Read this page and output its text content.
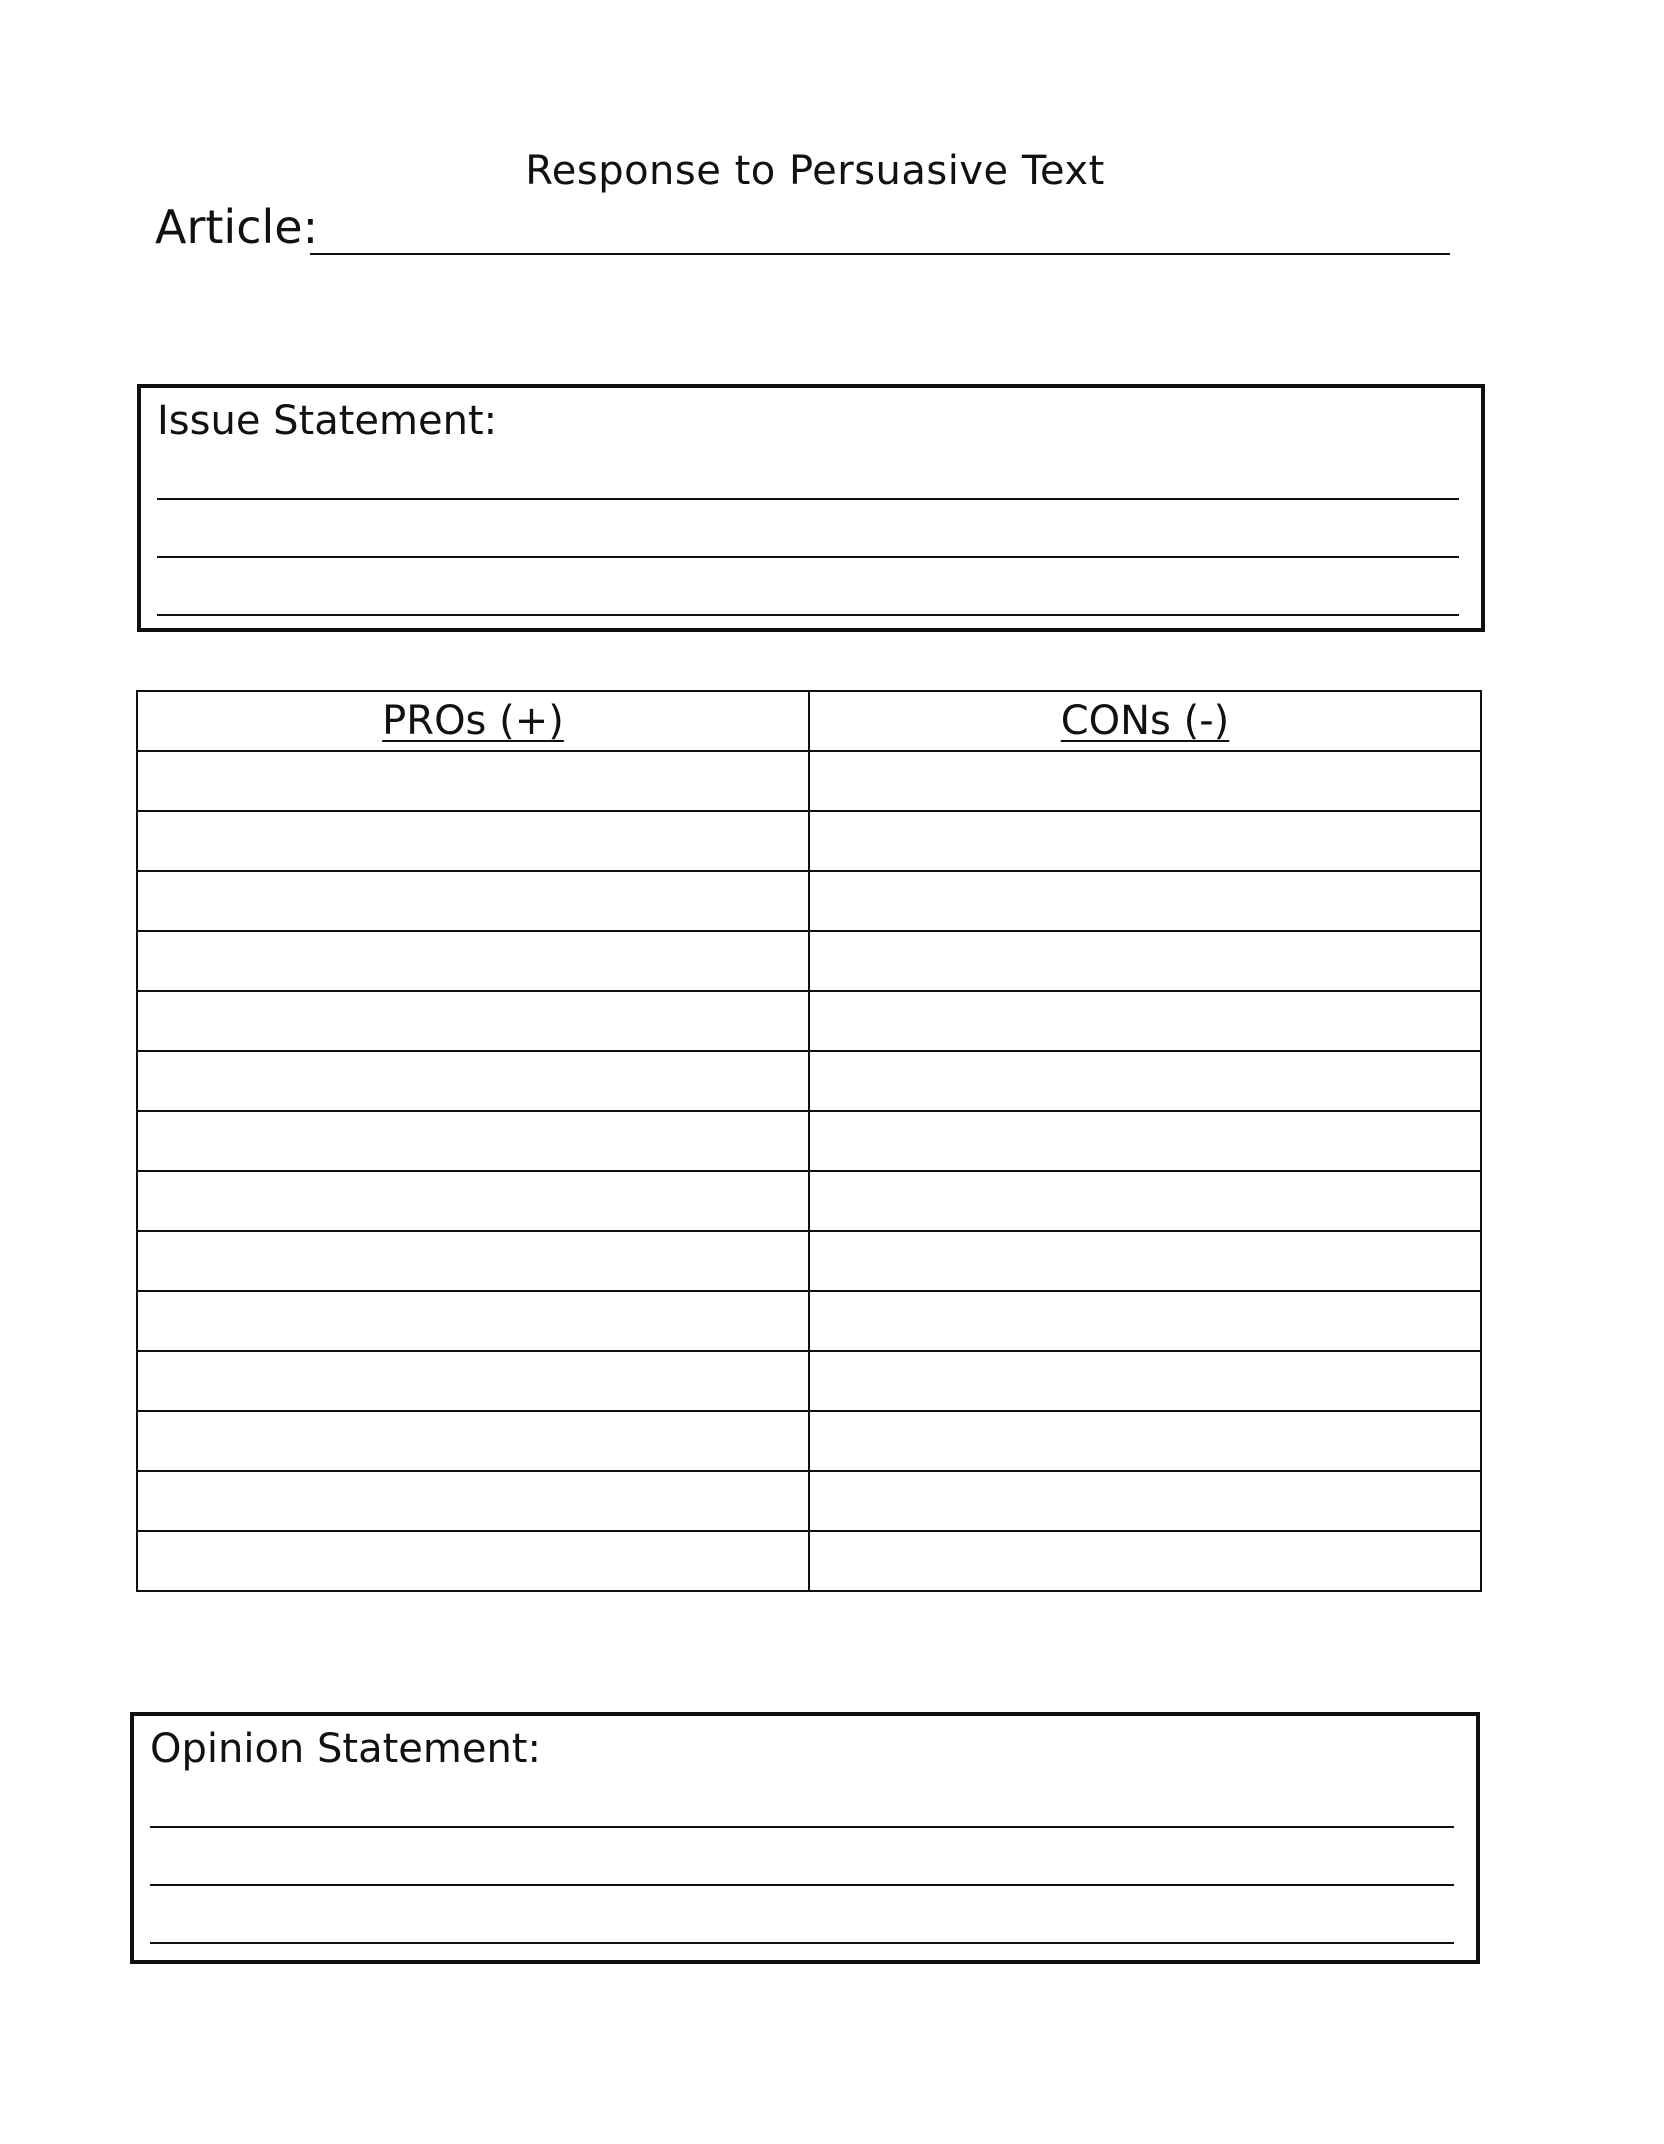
Response to Persuasive Text
Article:
Issue Statement:
PROs (+)	CONs (-)

Opinion Statement:
